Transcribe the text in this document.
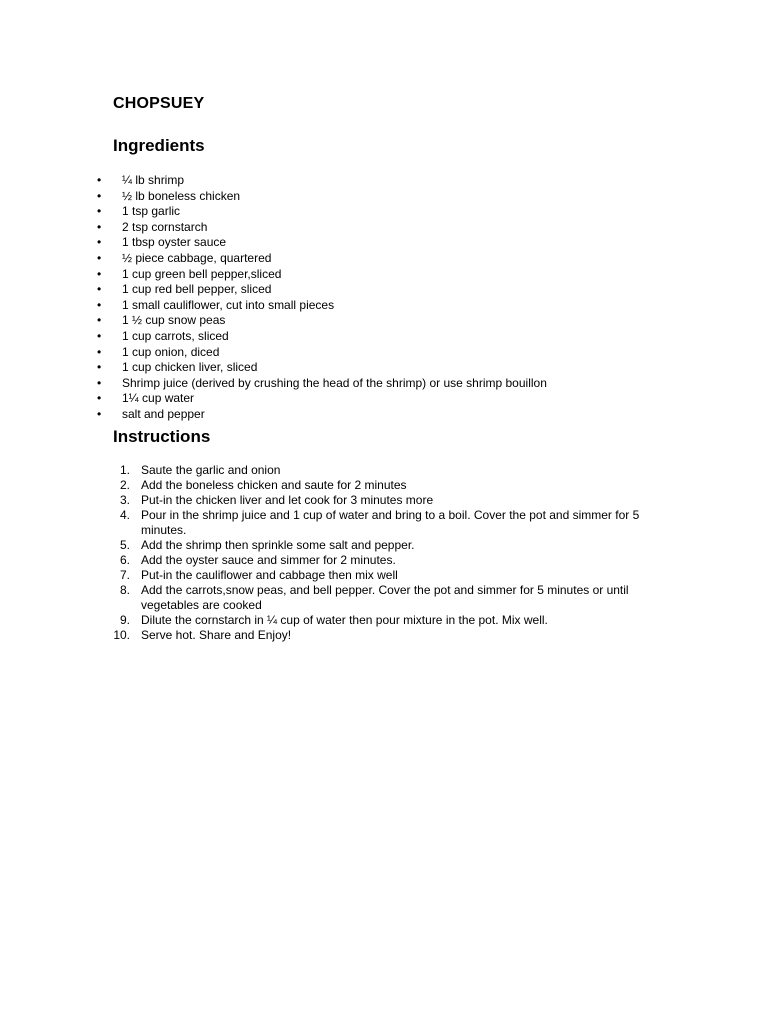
CHOPSUEY
Ingredients
• ¼ lb shrimp
• ½ lb boneless chicken
• 1 tsp garlic
• 2 tsp cornstarch
• 1 tbsp oyster sauce
• ½ piece cabbage, quartered
• 1 cup green bell pepper,sliced
• 1 cup red bell pepper, sliced
• 1 small cauliflower, cut into small pieces
• 1 ½ cup snow peas
• 1 cup carrots, sliced
• 1 cup onion, diced
• 1 cup chicken liver, sliced
• Shrimp juice (derived by crushing the head of the shrimp) or use shrimp bouillon
• 1¼ cup water
• salt and pepper
Instructions
1. Saute the garlic and onion
2. Add the boneless chicken and saute for 2 minutes
3. Put-in the chicken liver and let cook for 3 minutes more
4. Pour in the shrimp juice and 1 cup of water and bring to a boil. Cover the pot and simmer for 5 minutes.
5. Add the shrimp then sprinkle some salt and pepper.
6. Add the oyster sauce and simmer for 2 minutes.
7. Put-in the cauliflower and cabbage then mix well
8. Add the carrots,snow peas, and bell pepper. Cover the pot and simmer for 5 minutes or until vegetables are cooked
9. Dilute the cornstarch in ¼ cup of water then pour mixture in the pot. Mix well.
10. Serve hot. Share and Enjoy!
